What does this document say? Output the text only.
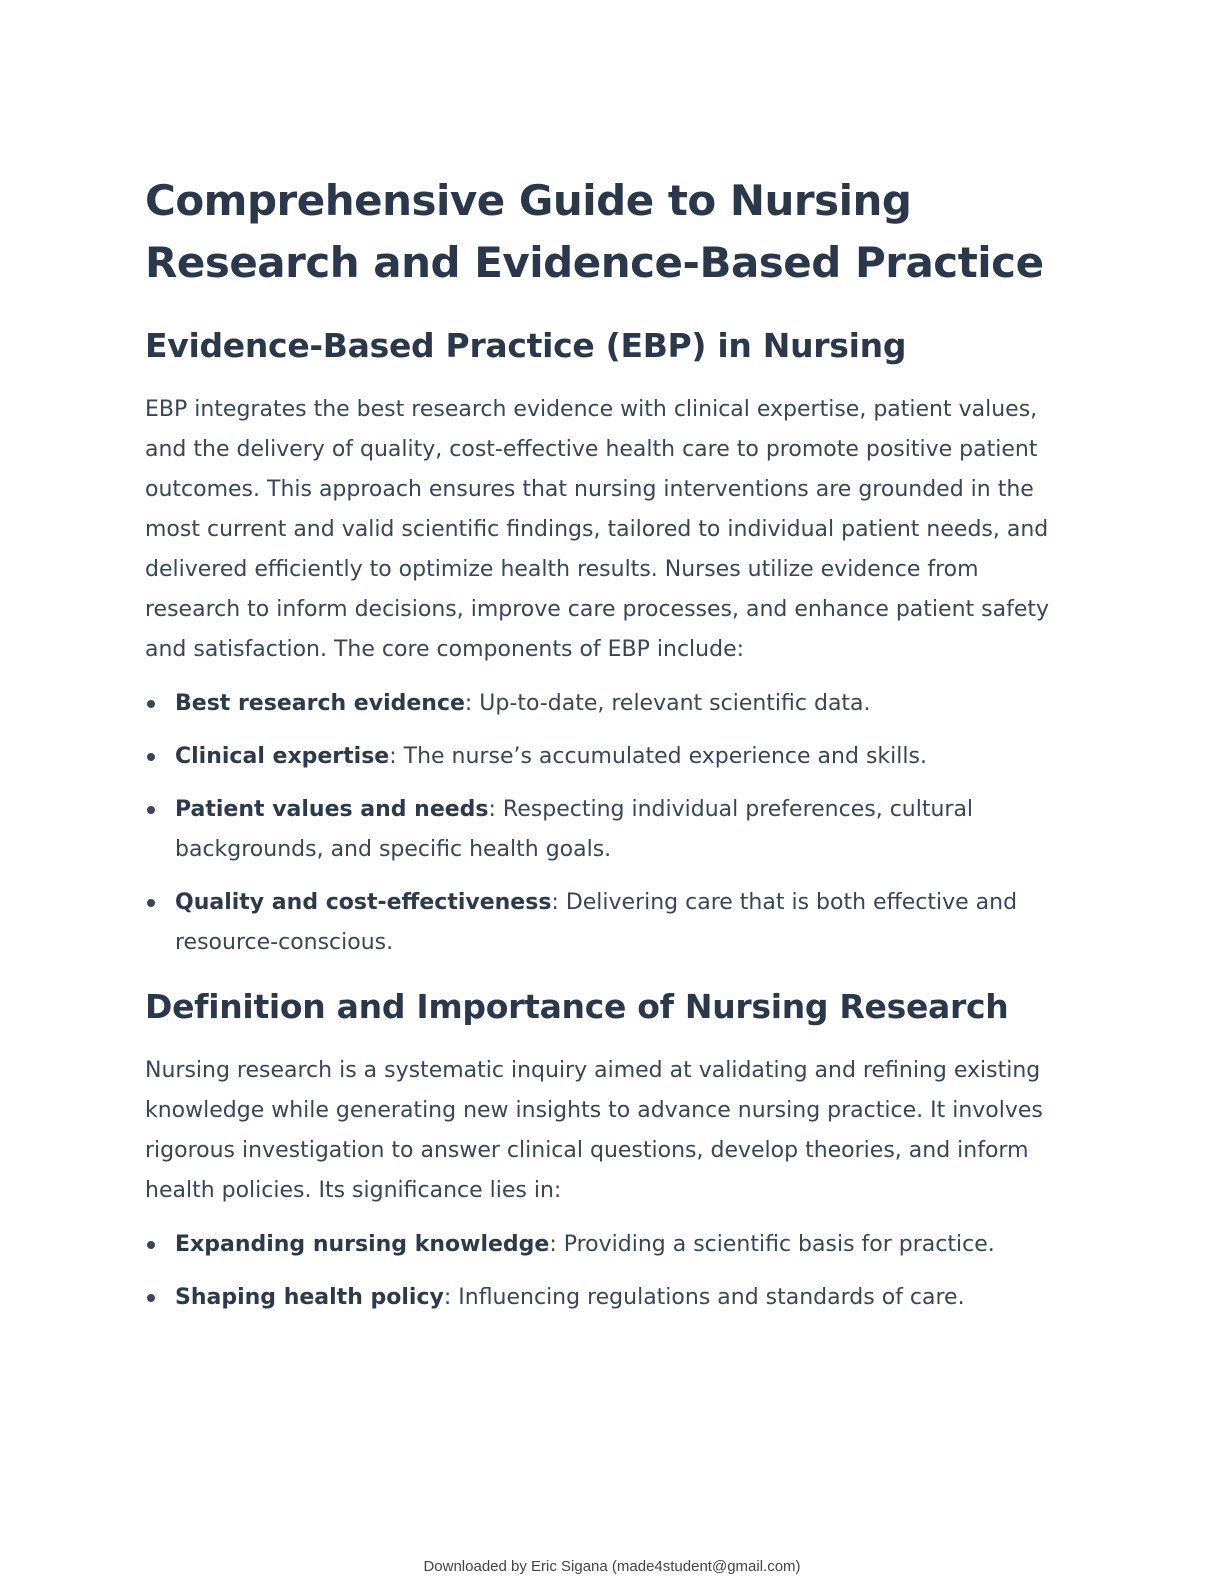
Comprehensive Guide to Nursing Research and Evidence-Based Practice
Evidence-Based Practice (EBP) in Nursing

EBP integrates the best research evidence with clinical expertise, patient values, and the delivery of quality, cost-effective health care to promote positive patient outcomes. This approach ensures that nursing interventions are grounded in the most current and valid scientific findings, tailored to individual patient needs, and delivered efficiently to optimize health results. Nurses utilize evidence from research to inform decisions, improve care processes, and enhance patient safety and satisfaction. The core components of EBP include:

Best research evidence: Up-to-date, relevant scientific data.
Clinical expertise: The nurse’s accumulated experience and skills.
Patient values and needs: Respecting individual preferences, cultural backgrounds, and specific health goals.
Quality and cost-effectiveness: Delivering care that is both effective and resource-conscious.
Definition and Importance of Nursing Research

Nursing research is a systematic inquiry aimed at validating and refining existing knowledge while generating new insights to advance nursing practice. It involves rigorous investigation to answer clinical questions, develop theories, and inform health policies. Its significance lies in:

Expanding nursing knowledge: Providing a scientific basis for practice.
Shaping health policy: Influencing regulations and standards of care.
Downloaded by Eric Sigana (made4student@gmail.com)
